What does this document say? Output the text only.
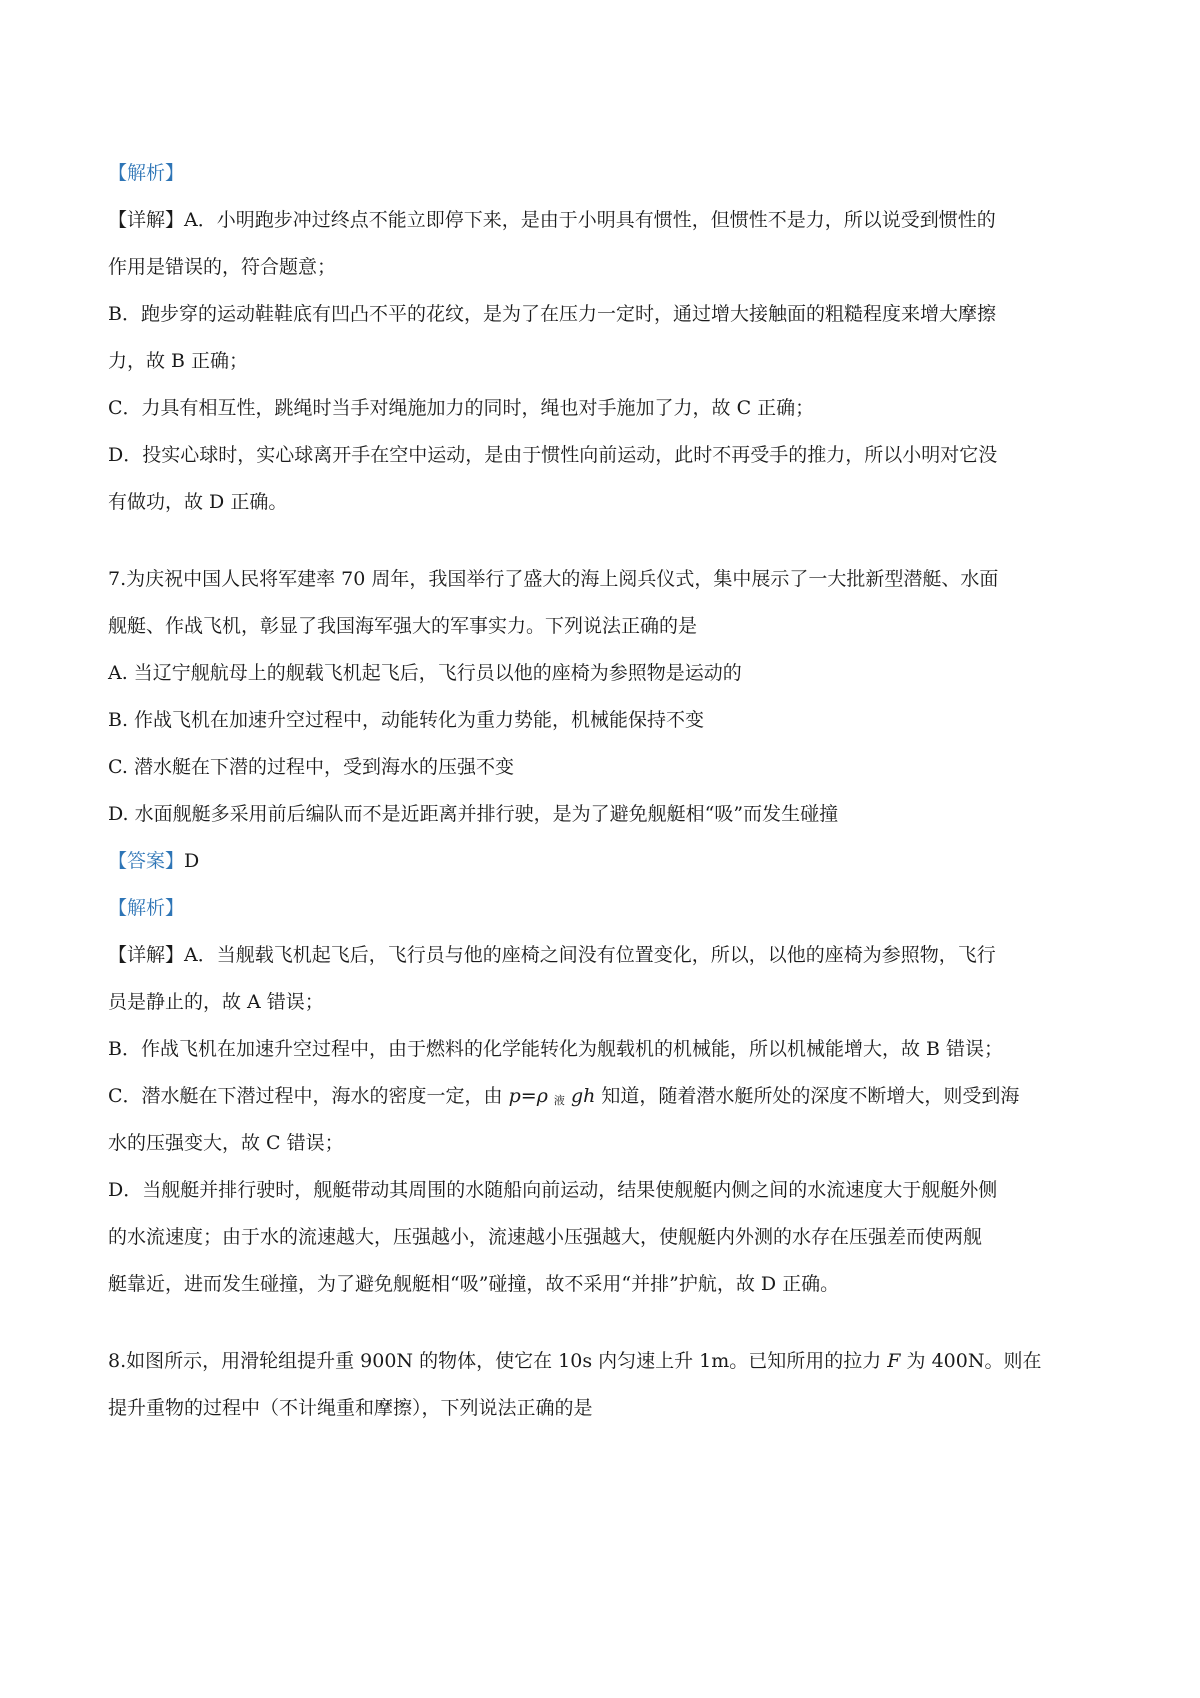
【解析】
【详解】A．小明跑步冲过终点不能立即停下来，是由于小明具有惯性，但惯性不是力，所以说受到惯性的
作用是错误的，符合题意；
B．跑步穿的运动鞋鞋底有凹凸不平的花纹，是为了在压力一定时，通过增大接触面的粗糙程度来增大摩擦
力，故 B 正确；
C．力具有相互性，跳绳时当手对绳施加力的同时，绳也对手施加了力，故 C 正确；
D．投实心球时，实心球离开手在空中运动，是由于惯性向前运动，此时不再受手的推力，所以小明对它没
有做功，故 D 正确。
7.为庆祝中国人民将军建率 70 周年，我国举行了盛大的海上阅兵仪式，集中展示了一大批新型潜艇、水面
舰艇、作战飞机，彰显了我国海军强大的军事实力。下列说法正确的是
A. 当辽宁舰航母上的舰载飞机起飞后，飞行员以他的座椅为参照物是运动的
B. 作战飞机在加速升空过程中，动能转化为重力势能，机械能保持不变
C. 潜水艇在下潜的过程中，受到海水的压强不变
D. 水面舰艇多采用前后编队而不是近距离并排行驶，是为了避免舰艇相“吸”而发生碰撞
【答案】D
【解析】
【详解】A．当舰载飞机起飞后，飞行员与他的座椅之间没有位置变化，所以，以他的座椅为参照物，飞行
员是静止的，故 A 错误；
B．作战飞机在加速升空过程中，由于燃料的化学能转化为舰载机的机械能，所以机械能增大，故 B 错误；
C．潜水艇在下潜过程中，海水的密度一定，由 p=ρ 液 gh 知道，随着潜水艇所处的深度不断增大，则受到海
水的压强变大，故 C 错误；
D．当舰艇并排行驶时，舰艇带动其周围的水随船向前运动，结果使舰艇内侧之间的水流速度大于舰艇外侧
的水流速度；由于水的流速越大，压强越小，流速越小压强越大，使舰艇内外测的水存在压强差而使两舰
艇靠近，进而发生碰撞，为了避免舰艇相“吸”碰撞，故不采用“并排”护航，故 D 正确。
8.如图所示，用滑轮组提升重 900N 的物体，使它在 10s 内匀速上升 1m。已知所用的拉力 F 为 400N。则在
提升重物的过程中（不计绳重和摩擦），下列说法正确的是
